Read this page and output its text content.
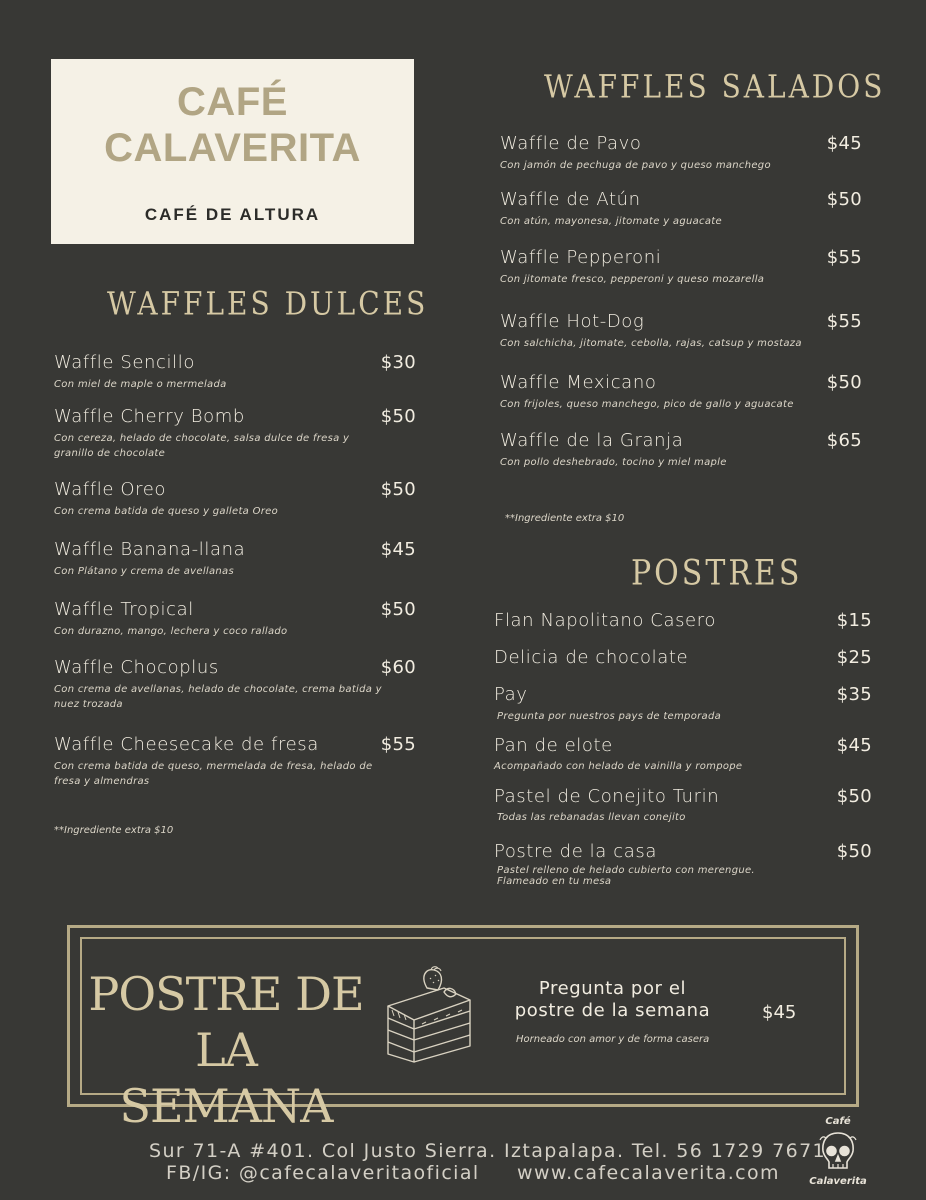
CAFÉ
CALAVERITA
CAFÉ DE ALTURA
WAFFLES DULCES
Waffle Sencillo	$30
Con miel de maple o mermelada
Waffle Cherry Bomb	$50
Con cereza, helado de chocolate, salsa dulce de fresa y granillo de chocolate
Waffle Oreo	$50
Con crema batida de queso y galleta Oreo
Waffle Banana-llana	$45
Con Plátano y crema de avellanas
Waffle Tropical	$50
Con durazno, mango, lechera y coco rallado
Waffle Chocoplus	$60
Con crema de avellanas, helado de chocolate, crema batida y nuez trozada
Waffle Cheesecake de fresa	$55
Con crema batida de queso, mermelada de fresa, helado de fresa y almendras
**Ingrediente extra $10
WAFFLES SALADOS
Waffle de Pavo	$45
Con jamón de pechuga de pavo y queso manchego
Waffle de Atún	$50
Con atún, mayonesa, jitomate y aguacate
Waffle Pepperoni	$55
Con jitomate fresco, pepperoni y queso mozarella
Waffle Hot-Dog	$55
Con salchicha, jitomate, cebolla, rajas, catsup y mostaza
Waffle Mexicano	$50
Con frijoles, queso manchego, pico de gallo y aguacate
Waffle de la Granja	$65
Con pollo deshebrado, tocino y miel maple
**Ingrediente extra $10
POSTRES
Flan Napolitano Casero	$15
Delicia de chocolate	$25
Pay	$35
Pregunta por nuestros pays de temporada
Pan de elote	$45
Acompañado con helado de vainilla y rompope
Pastel de Conejito Turin	$50
Todas las rebanadas llevan conejito
Postre de la casa	$50
Pastel relleno de helado cubierto con merengue. Flameado en tu mesa
POSTRE DE LA
SEMANA
Pregunta por el
postre de la semana	$45
Horneado con amor y de forma casera
Sur 71-A #401. Col Justo Sierra. Iztapalapa. Tel. 56 1729 7671
FB/IG: @cafecalaveritaoficial www.cafecalaverita.com
Café
Calaverita
